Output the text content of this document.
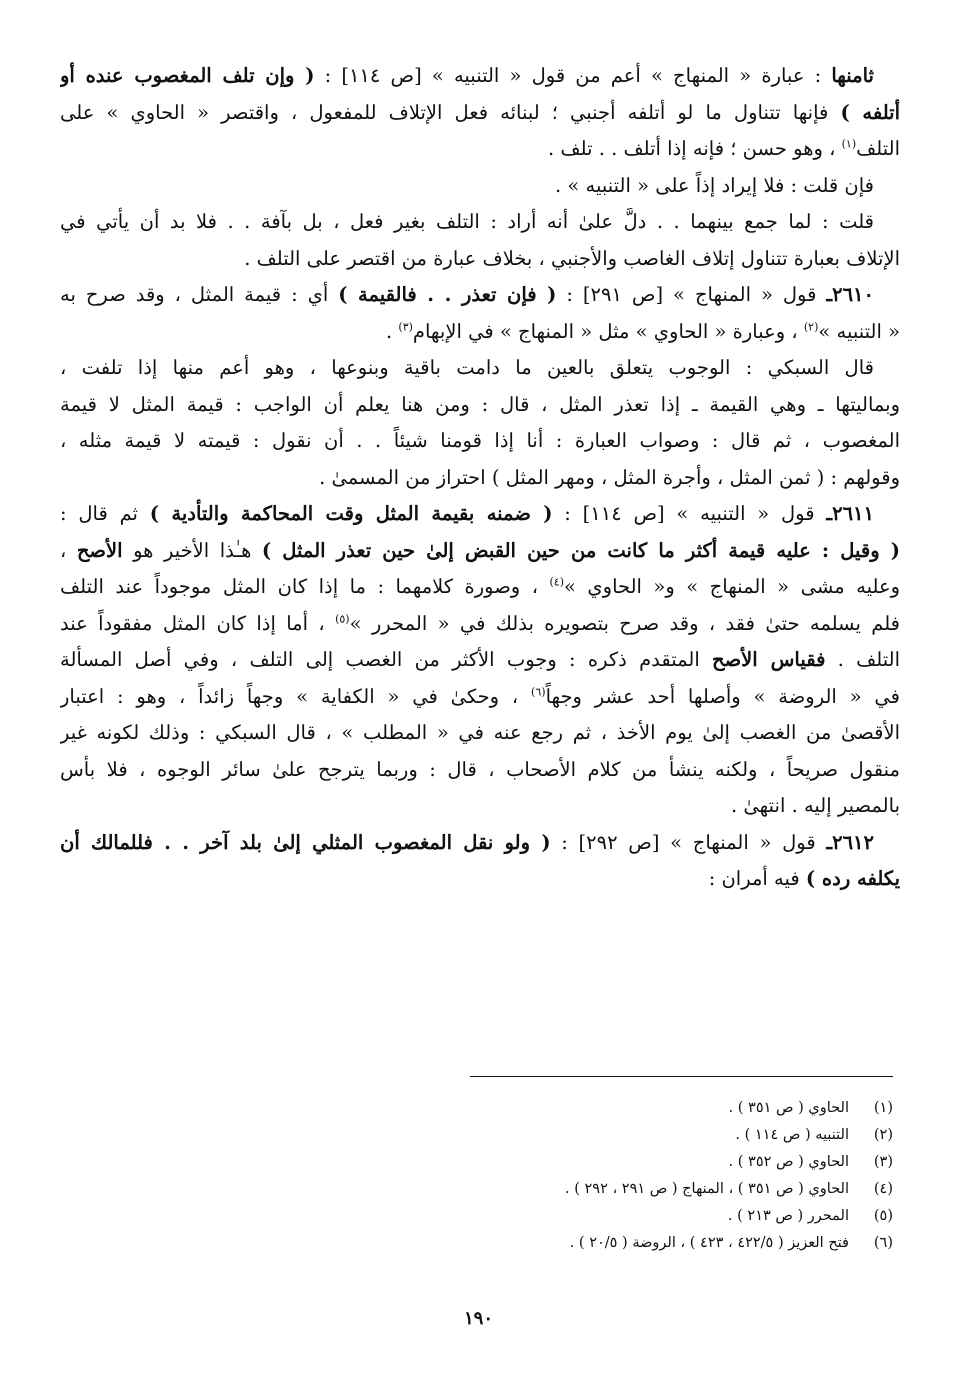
ثامنها : عبارة « المنهاج » أعم من قول « التنبيه » [ص ١١٤] : ( وإن تلف المغصوب عنده أو
أتلفه ) فإنها تتناول ما لو أتلفه أجنبي ؛ لبنائه فعل الإتلاف للمفعول ، واقتصر « الحاوي » على
التلف$^{(١)}$ ، وهو حسن ؛ فإنه إذا أتلف . . تلف .
فإن قلت : فلا إيراد إذاً على « التنبيه » .
قلت : لما جمع بينهما . . دلَّ علىٰ أنه أراد : التلف بغير فعل ، بل بآفة . . فلا بد أن يأتي في
الإتلاف بعبارة تتناول إتلاف الغاصب والأجنبي ، بخلاف عبارة من اقتصر على التلف .
٢٦١٠ـ قول « المنهاج » [ص ٢٩١] : ( فإن تعذر . . فالقيمة ) أي : قيمة المثل ، وقد صرح به
« التنبيه »$^{(٢)}$ ، وعبارة « الحاوي » مثل « المنهاج » في الإبهام$^{(٣)}$ .
قال السبكي : الوجوب يتعلق بالعين ما دامت باقية وبنوعها ، وهو أعم منها إذا تلفت ،
وبماليتها ـ وهي القيمة ـ إذا تعذر المثل ، قال : ومن هنا يعلم أن الواجب : قيمة المثل لا قيمة
المغصوب ، ثم قال : وصواب العبارة : أنا إذا قومنا شيئاً . . أن نقول : قيمته لا قيمة مثله ،
وقولهم : ( ثمن المثل ، وأجرة المثل ، ومهر المثل ) احتراز من المسمىٰ .
٢٦١١ـ قول « التنبيه » [ص ١١٤] : ( ضمنه بقيمة المثل وقت المحاكمة والتأدية ) ثم قال :
( وقيل : عليه قيمة أكثر ما كانت من حين القبض إلىٰ حين تعذر المثل ) هـٰذا الأخير هو الأصح ،
وعليه مشى « المنهاج » و« الحاوي »$^{(٤)}$ ، وصورة كلامهما : ما إذا كان المثل موجوداً عند التلف
فلم يسلمه حتىٰ فقد ، وقد صرح بتصويره بذلك في « المحرر »$^{(٥)}$ ، أما إذا كان المثل مفقوداً عند
التلف . فقياس الأصح المتقدم ذكره : وجوب الأكثر من الغصب إلى التلف ، وفي أصل المسألة
في « الروضة » وأصلها أحد عشر وجهاً$^{(٦)}$ ، وحكىٰ في « الكفاية » وجهاً زائداً ، وهو : اعتبار
الأقصىٰ من الغصب إلىٰ يوم الأخذ ، ثم رجع عنه في « المطلب » ، قال السبكي : وذلك لكونه غير
منقول صريحاً ، ولكنه ينشأ من كلام الأصحاب ، قال : وربما يترجح علىٰ سائر الوجوه ، فلا بأس
بالمصير إليه . انتهىٰ .
٢٦١٢ـ قول « المنهاج » [ص ٢٩٢] : ( ولو نقل المغصوب المثلي إلىٰ بلد آخر . . فللمالك أن
يكلفه رده ) فيه أمران :
(١)الحاوي ( ص ٣٥١ ) .
(٢)التنبيه ( ص ١١٤ ) .
(٣)الحاوي ( ص ٣٥٢ ) .
(٤)الحاوي ( ص ٣٥١ ) ، المنهاج ( ص ٢٩١ ، ٢٩٢ ) .
(٥)المحرر ( ص ٢١٣ ) .
(٦)فتح العزيز ( ٤٢٢/٥ ، ٤٢٣ ) ، الروضة ( ٢٠/٥ ) .
١٩٠
